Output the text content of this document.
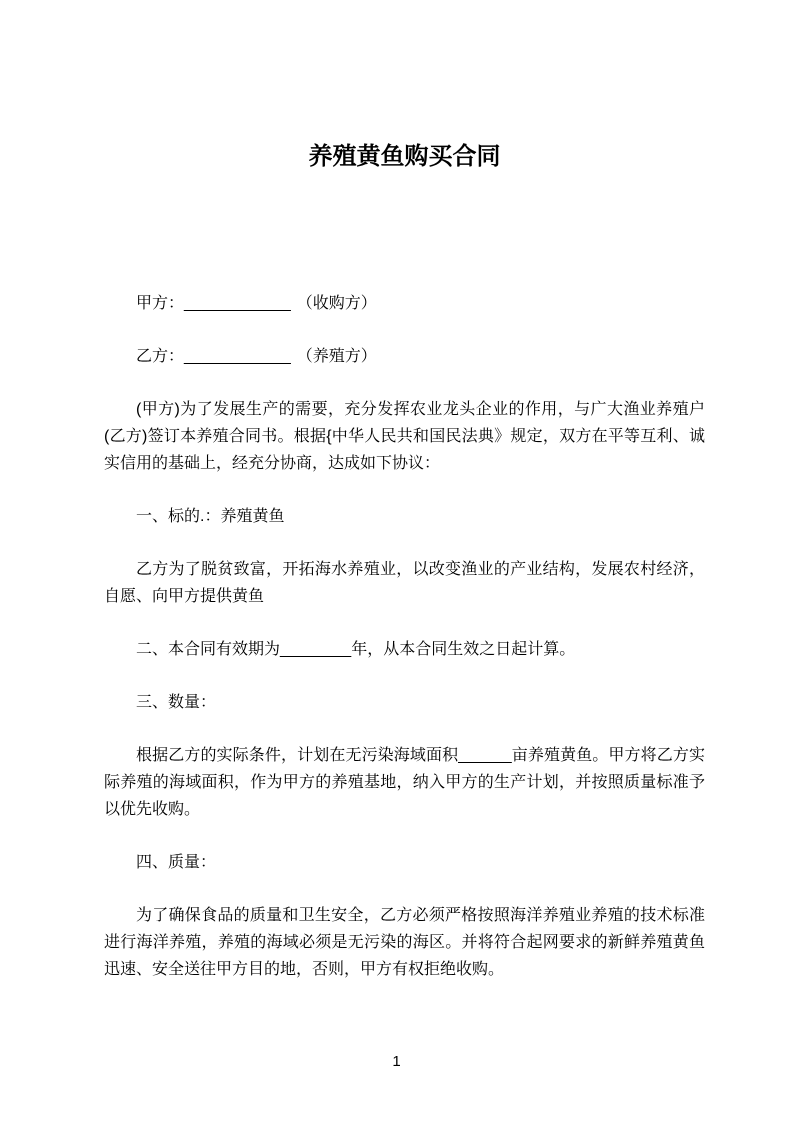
养殖黄鱼购买合同

甲方：____________ （收购方）

乙方：____________ （养殖方）

(甲方)为了发展生产的需要，充分发挥农业龙头企业的作用，与广大渔业养殖户(乙方)签订本养殖合同书。根据{中华人民共和国民法典》规定，双方在平等互利、诚实信用的基础上，经充分协商，达成如下协议：

一、标的.：养殖黄鱼

乙方为了脱贫致富，开拓海水养殖业，以改变渔业的产业结构，发展农村经济，自愿、向甲方提供黄鱼

二、本合同有效期为________年，从本合同生效之日起计算。

三、数量：

根据乙方的实际条件，计划在无污染海域面积______亩养殖黄鱼。甲方将乙方实际养殖的海域面积，作为甲方的养殖基地，纳入甲方的生产计划，并按照质量标准予以优先收购。

四、质量：

为了确保食品的质量和卫生安全，乙方必须严格按照海洋养殖业养殖的技术标准进行海洋养殖，养殖的海域必须是无污染的海区。并将符合起网要求的新鲜养殖黄鱼迅速、安全送往甲方目的地，否则，甲方有权拒绝收购。

1
